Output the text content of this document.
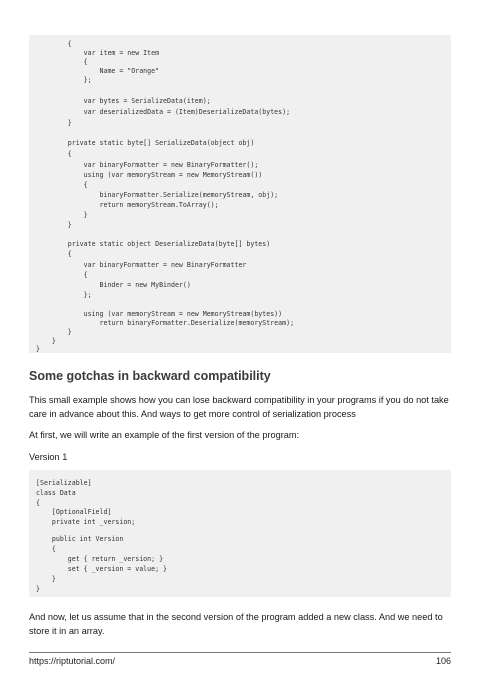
{
var item = new Item
{
Name = "Orange"
};
var bytes = SerializeData(item);
var deserializedData = (Item)DeserializeData(bytes);
}
private static byte[] SerializeData(object obj)
{
var binaryFormatter = new BinaryFormatter();
using (var memoryStream = new MemoryStream())
{
binaryFormatter.Serialize(memoryStream, obj);
return memoryStream.ToArray();
}
}
private static object DeserializeData(byte[] bytes)
{
var binaryFormatter = new BinaryFormatter
{
Binder = new MyBinder()
};
using (var memoryStream = new MemoryStream(bytes))
return binaryFormatter.Deserialize(memoryStream);
}
}
}
Some gotchas in backward compatibility
This small example shows how you can lose backward compatibility in your programs if you do not take care in advance about this. And ways to get more control of serialization process
At first, we will write an example of the first version of the program:
Version 1
[Serializable]
class Data
{
[OptionalField]
private int _version;
public int Version
{
get { return _version; }
set { _version = value; }
}
}
And now, let us assume that in the second version of the program added a new class. And we need to store it in an array.
https://riptutorial.com/	106
